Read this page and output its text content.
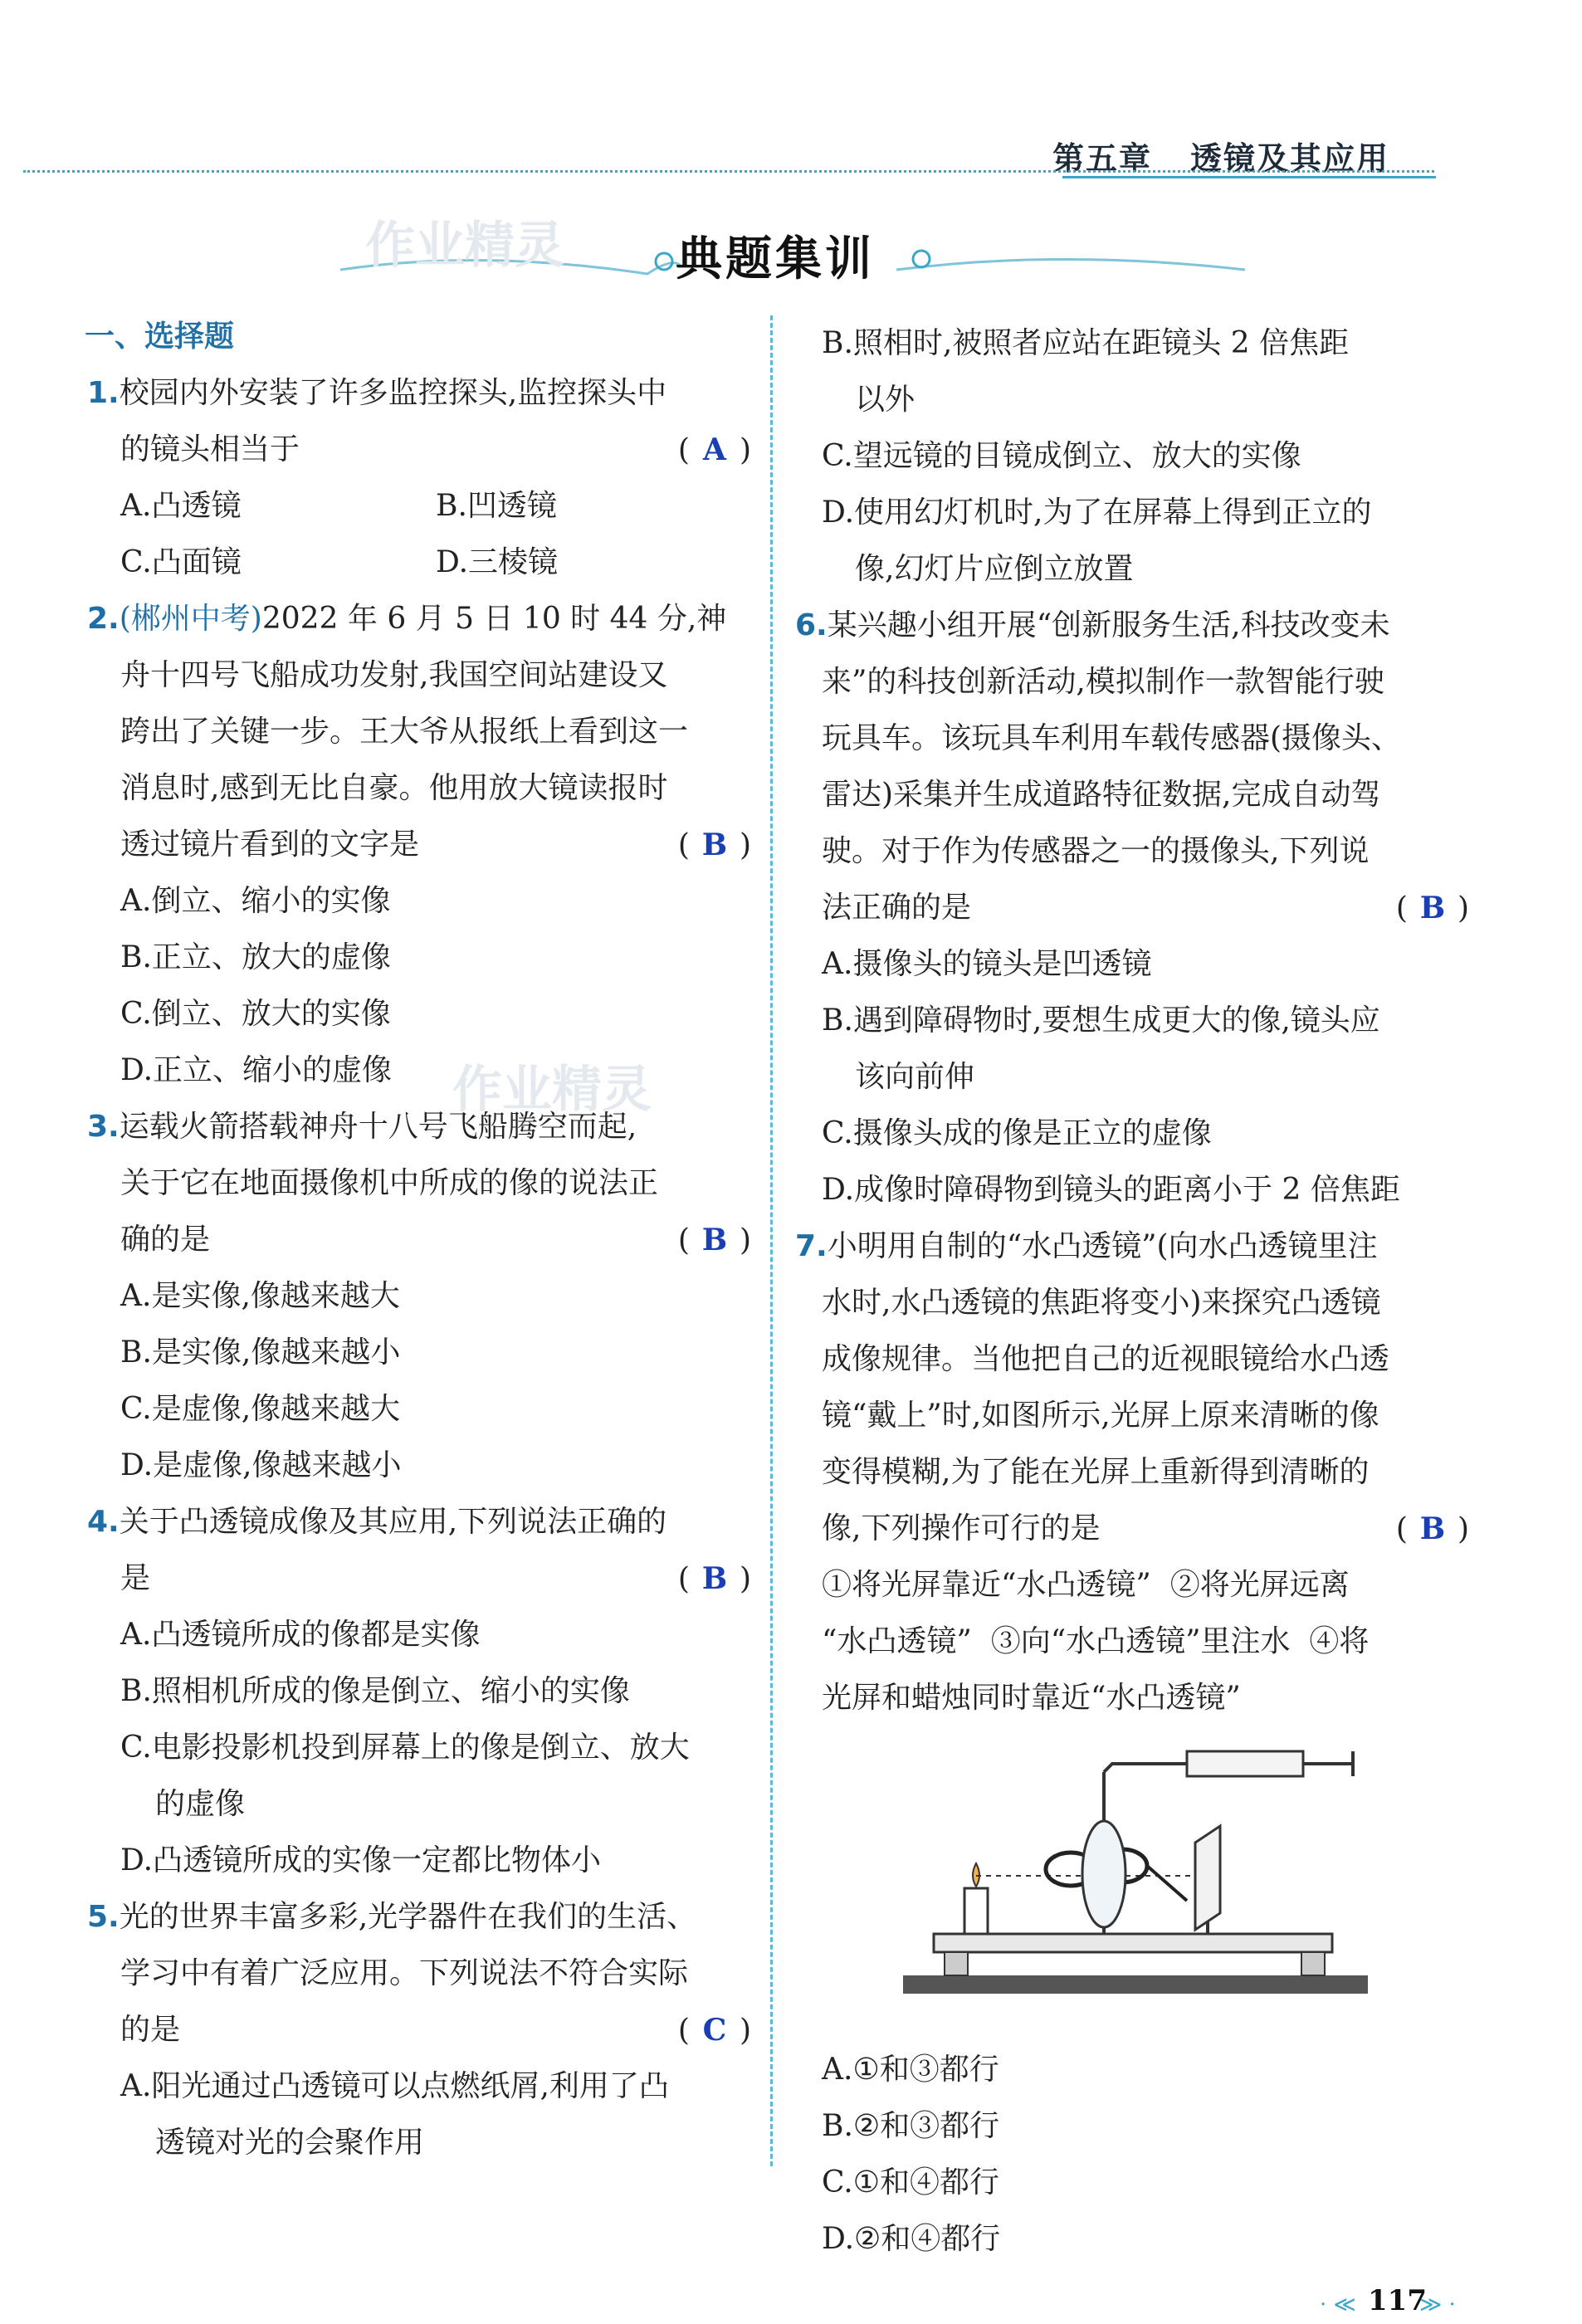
第五章 透镜及其应用
作业精灵 典题集训
作业精灵
一、选择题
1.校园内外安装了许多监控探头,监控探头中
的镜头相当于	( A )
A.凸透镜	B.凹透镜
C.凸面镜	D.三棱镜
2.(郴州中考)2022 年 6 月 5 日 10 时 44 分,神
舟十四号飞船成功发射,我国空间站建设又
跨出了关键一步。王大爷从报纸上看到这一
消息时,感到无比自豪。他用放大镜读报时
透过镜片看到的文字是	( B )
A.倒立、缩小的实像
B.正立、放大的虚像
C.倒立、放大的实像
D.正立、缩小的虚像
3.运载火箭搭载神舟十八号飞船腾空而起,
关于它在地面摄像机中所成的像的说法正
确的是	( B )
A.是实像,像越来越大
B.是实像,像越来越小
C.是虚像,像越来越大
D.是虚像,像越来越小
4.关于凸透镜成像及其应用,下列说法正确的
是	( B )
A.凸透镜所成的像都是实像
B.照相机所成的像是倒立、缩小的实像
C.电影投影机投到屏幕上的像是倒立、放大
的虚像
D.凸透镜所成的实像一定都比物体小
5.光的世界丰富多彩,光学器件在我们的生活、
学习中有着广泛应用。下列说法不符合实际
的是	( C )
A.阳光通过凸透镜可以点燃纸屑,利用了凸
透镜对光的会聚作用
B.照相时,被照者应站在距镜头 2 倍焦距
以外
C.望远镜的目镜成倒立、放大的实像
D.使用幻灯机时,为了在屏幕上得到正立的
像,幻灯片应倒立放置
6.某兴趣小组开展“创新服务生活,科技改变未
来”的科技创新活动,模拟制作一款智能行驶
玩具车。该玩具车利用车载传感器(摄像头、
雷达)采集并生成道路特征数据,完成自动驾
驶。对于作为传感器之一的摄像头,下列说
法正确的是	( B )
A.摄像头的镜头是凹透镜
B.遇到障碍物时,要想生成更大的像,镜头应
该向前伸
C.摄像头成的像是正立的虚像
D.成像时障碍物到镜头的距离小于 2 倍焦距
7.小明用自制的“水凸透镜”(向水凸透镜里注
水时,水凸透镜的焦距将变小)来探究凸透镜
成像规律。当他把自己的近视眼镜给水凸透
镜“戴上”时,如图所示,光屏上原来清晰的像
变得模糊,为了能在光屏上重新得到清晰的
像,下列操作可行的是	( B )
①将光屏靠近“水凸透镜”  ②将光屏远离
“水凸透镜”  ③向“水凸透镜”里注水  ④将
光屏和蜡烛同时靠近“水凸透镜”
A.①和③都行
B.②和③都行
C.①和④都行
D.②和④都行
· ≪ 117
≫ ·
